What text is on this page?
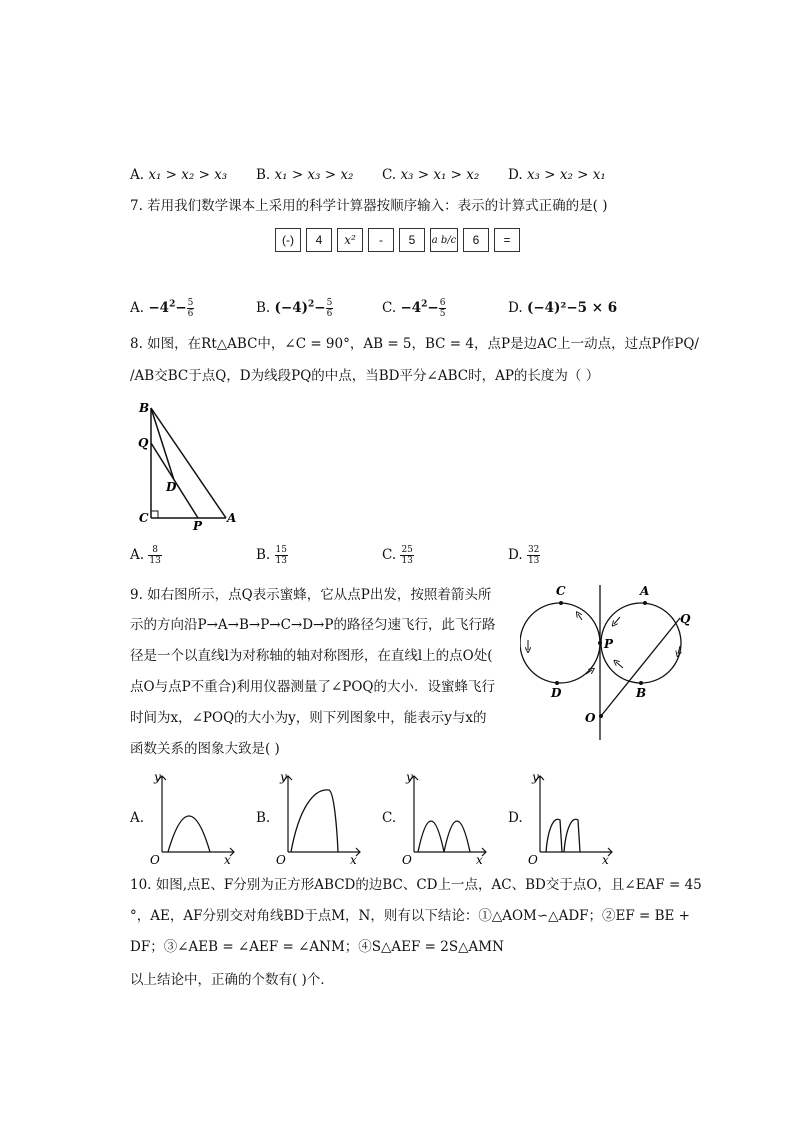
A. x₁ > x₂ > x₃ B. x₁ > x₃ > x₂ C. x₃ > x₁ > x₂ D. x₃ > x₂ > x₁
7. 若用我们数学课本上采用的科学计算器按顺序输入：表示的计算式正确的是( )
(-)	4	x²	-	5	a b/c	6	=
A. $-4^2- \frac{5}{6}$	B. $(-4)^2- \frac{5}{6}$	C. $-4^2- \frac{6}{5}$	D. (−4)²−5 × 6
8. 如图，在Rt△ABC中，∠C = 90°，AB = 5，BC = 4，点P是边AC上一动点，过点P作PQ/
/AB交BC于点Q，D为线段PQ的中点，当BD平分∠ABC时，AP的长度为（ ）
B
Q
D
C
P
A
A. $\frac{8}{13}$	B. $\frac{15}{13}$	C. $\frac{25}{13}$	D. $\frac{32}{13}$
9. 如右图所示，点Q表示蜜蜂，它从点P出发，按照着箭头所
示的方向沿P→A→B→P→C→D→P的路径匀速飞行，此飞行路
径是一个以直线l为对称轴的轴对称图形，在直线l上的点O处(
点O与点P不重合)利用仪器测量了∠POQ的大小．设蜜蜂飞行
时间为x，∠POQ的大小为y，则下列图象中，能表示y与x的
函数关系的图象大致是( )
C	A
Q
P
D	B
O
A.
y
x
O
B.
y
x
O
C.
y
x
O
D.
y
x
O
10. 如图,点E、F分别为正方形ABCD的边BC、CD上一点，AC、BD交于点O，且∠EAF = 45
°，AE，AF分别交对角线BD于点M，N，则有以下结论：①△AOM∽△ADF；②EF = BE +
DF；③∠AEB = ∠AEF = ∠ANM；④S△AEF = 2S△AMN
以上结论中，正确的个数有( )个．
